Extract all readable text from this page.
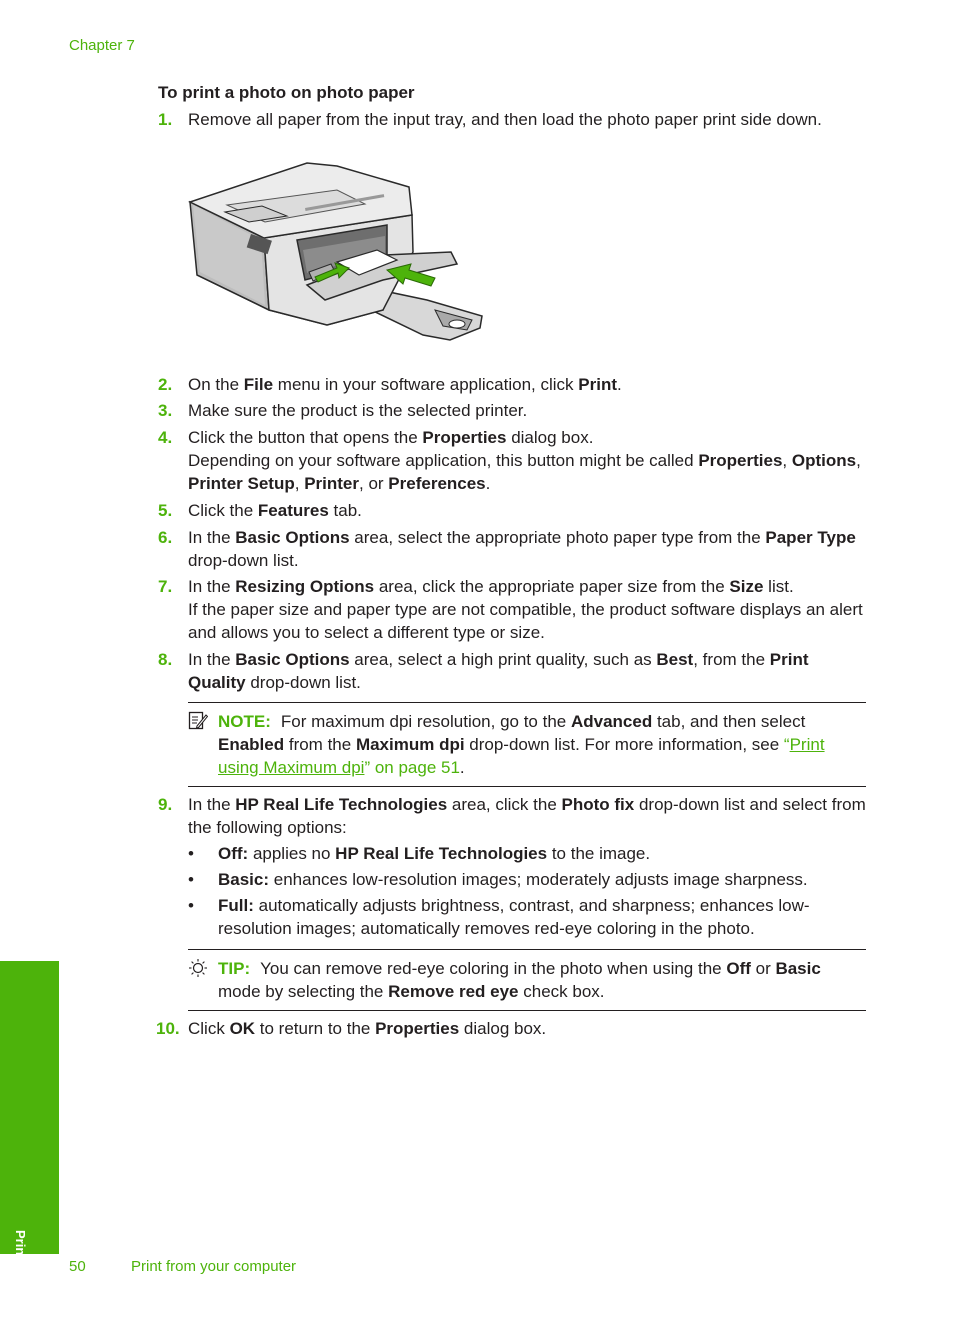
Chapter 7
To print a photo on photo paper
1. Remove all paper from the input tray, and then load the photo paper print side down.

2. On the File menu in your software application, click Print.

3. Make sure the product is the selected printer.

4. Click the button that opens the Properties dialog box.

Depending on your software application, this button might be called Properties, Options, Printer Setup, Printer, or Preferences.

5. Click the Features tab.

6. In the Basic Options area, select the appropriate photo paper type from the Paper Type drop-down list.

7. In the Resizing Options area, click the appropriate paper size from the Size list.

If the paper size and paper type are not compatible, the product software displays an alert and allows you to select a different type or size.

8. In the Basic Options area, select a high print quality, such as Best, from the Print Quality drop-down list.

NOTE: For maximum dpi resolution, go to the Advanced tab, and then select Enabled from the Maximum dpi drop-down list. For more information, see “Print using Maximum dpi” on page 51.
9. In the HP Real Life Technologies area, click the Photo fix drop-down list and select from the following options:

• Off: applies no HP Real Life Technologies to the image.
• Basic: enhances low-resolution images; moderately adjusts image sharpness.
• Full: automatically adjusts brightness, contrast, and sharpness; enhances low-resolution images; automatically removes red-eye coloring in the photo.
TIP: You can remove red-eye coloring in the photo when using the Off or Basic mode by selecting the Remove red eye check box.
10. Click OK to return to the Properties dialog box.

Print
50	Print from your computer
